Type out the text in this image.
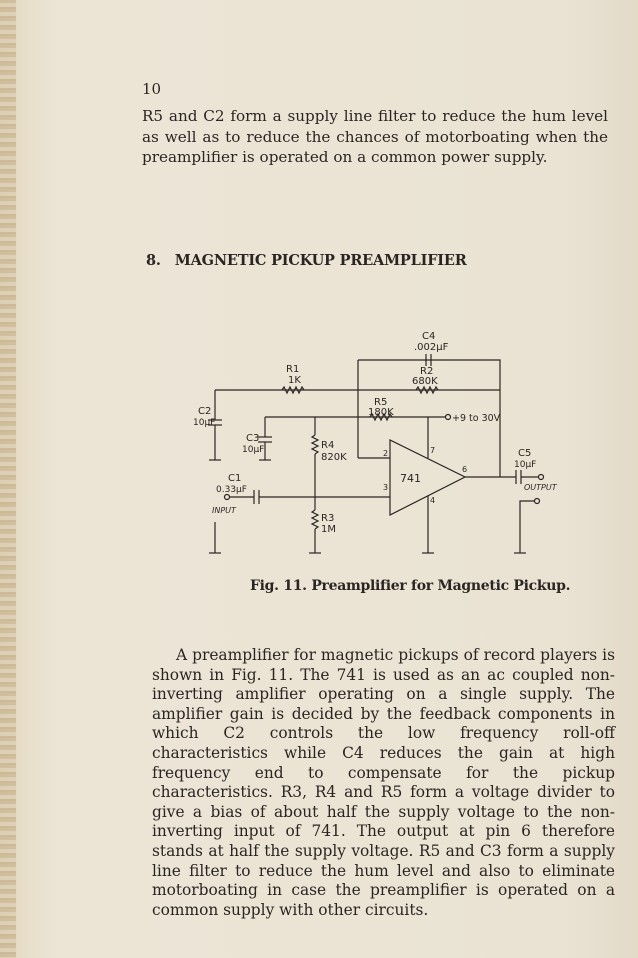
10
R5 and C2 form a supply line filter to reduce the hum level as well as to reduce the chances of motorboating when the preamplifier is operated on a common power supply.
8. MAGNETIC PICKUP PREAMPLIFIER
C4
.002μF
R2
680K
R1
1K
R5
180K
+9 to 30V
C2
10μF
C3
10μF	R4
820K
741
2
3
4
6
7	C5
10μF
OUTPUT
C1
0.33μF
INPUT
R3
1M
Fig. 11. Preamplifier for Magnetic Pickup.
A preamplifier for magnetic pickups of record players is shown in Fig. 11. The 741 is used as an ac coupled non-inverting amplifier operating on a single supply. The amplifier gain is decided by the feedback components in which C2 controls the low frequency roll-off characteristics while C4 reduces the gain at high frequency end to compensate for the pickup characteristics. R3, R4 and R5 form a voltage divider to give a bias of about half the supply voltage to the non-inverting input of 741. The output at pin 6 therefore stands at half the supply voltage. R5 and C3 form a supply line filter to reduce the hum level and also to eliminate motorboating in case the preamplifier is operated on a common supply with other circuits.
